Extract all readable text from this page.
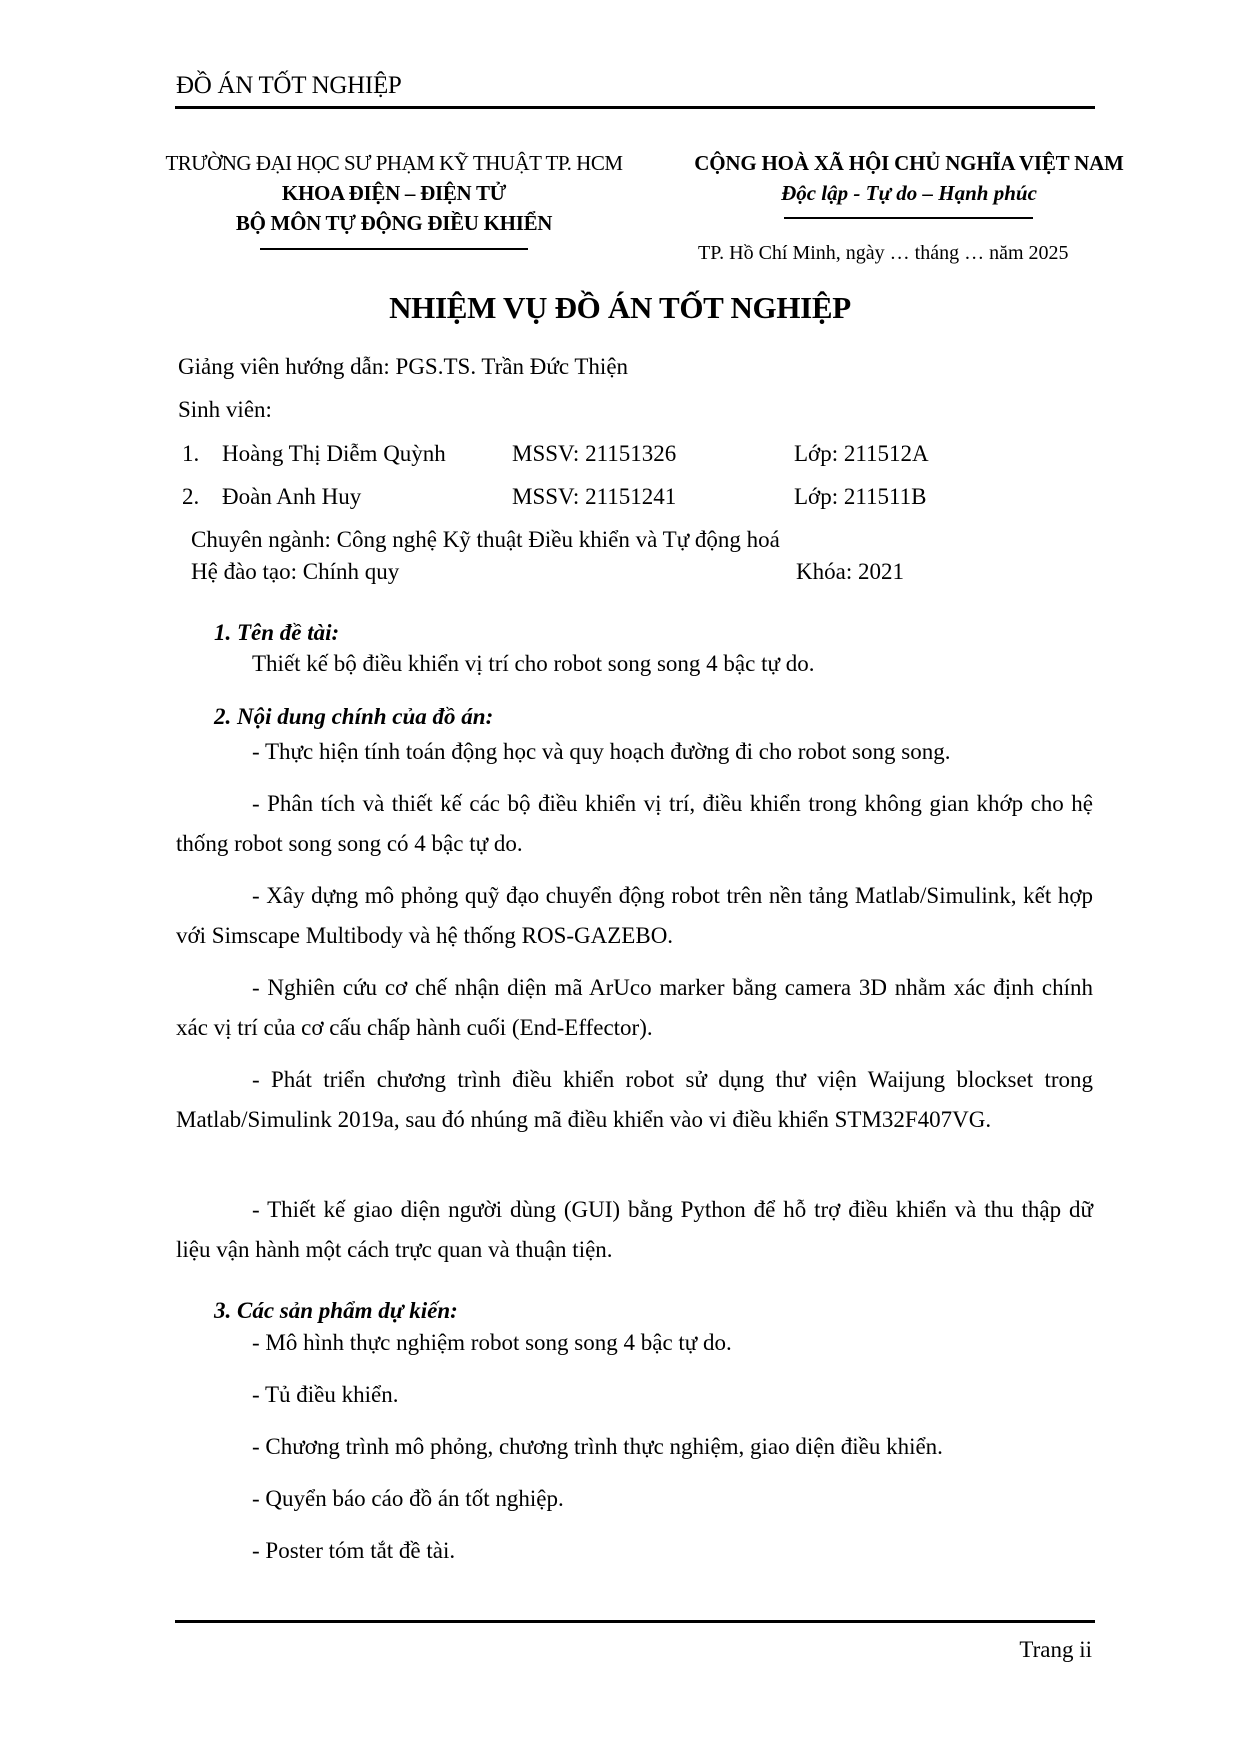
ĐỒ ÁN TỐT NGHIỆP
TRƯỜNG ĐẠI HỌC SƯ PHẠM KỸ THUẬT TP. HCM
KHOA ĐIỆN – ĐIỆN TỬ
BỘ MÔN TỰ ĐỘNG ĐIỀU KHIỂN
CỘNG HOÀ XÃ HỘI CHỦ NGHĨA VIỆT NAM
Độc lập - Tự do – Hạnh phúc
TP. Hồ Chí Minh, ngày … tháng … năm 2025
NHIỆM VỤ ĐỒ ÁN TỐT NGHIỆP
Giảng viên hướng dẫn: PGS.TS. Trần Đức Thiện
Sinh viên:
1. Hoàng Thị Diễm Quỳnh	MSSV: 21151326	Lớp: 211512A
2. Đoàn Anh Huy	MSSV: 21151241	Lớp: 211511B
Chuyên ngành: Công nghệ Kỹ thuật Điều khiển và Tự động hoá
Hệ đào tạo: Chính quy	Khóa: 2021
1. Tên đề tài:
Thiết kế bộ điều khiển vị trí cho robot song song 4 bậc tự do.
2. Nội dung chính của đồ án:
- Thực hiện tính toán động học và quy hoạch đường đi cho robot song song.
- Phân tích và thiết kế các bộ điều khiển vị trí, điều khiển trong không gian khớp cho hệ thống robot song song có 4 bậc tự do.
- Xây dựng mô phỏng quỹ đạo chuyển động robot trên nền tảng Matlab/Simulink, kết hợp với Simscape Multibody và hệ thống ROS-GAZEBO.
- Nghiên cứu cơ chế nhận diện mã ArUco marker bằng camera 3D nhằm xác định chính xác vị trí của cơ cấu chấp hành cuối (End-Effector).
- Phát triển chương trình điều khiển robot sử dụng thư viện Waijung blockset trong Matlab/Simulink 2019a, sau đó nhúng mã điều khiển vào vi điều khiển STM32F407VG.
- Thiết kế giao diện người dùng (GUI) bằng Python để hỗ trợ điều khiển và thu thập dữ liệu vận hành một cách trực quan và thuận tiện.
3. Các sản phẩm dự kiến:
- Mô hình thực nghiệm robot song song 4 bậc tự do.
- Tủ điều khiển.
- Chương trình mô phỏng, chương trình thực nghiệm, giao diện điều khiển.
- Quyển báo cáo đồ án tốt nghiệp.
- Poster tóm tắt đề tài.
Trang ii
